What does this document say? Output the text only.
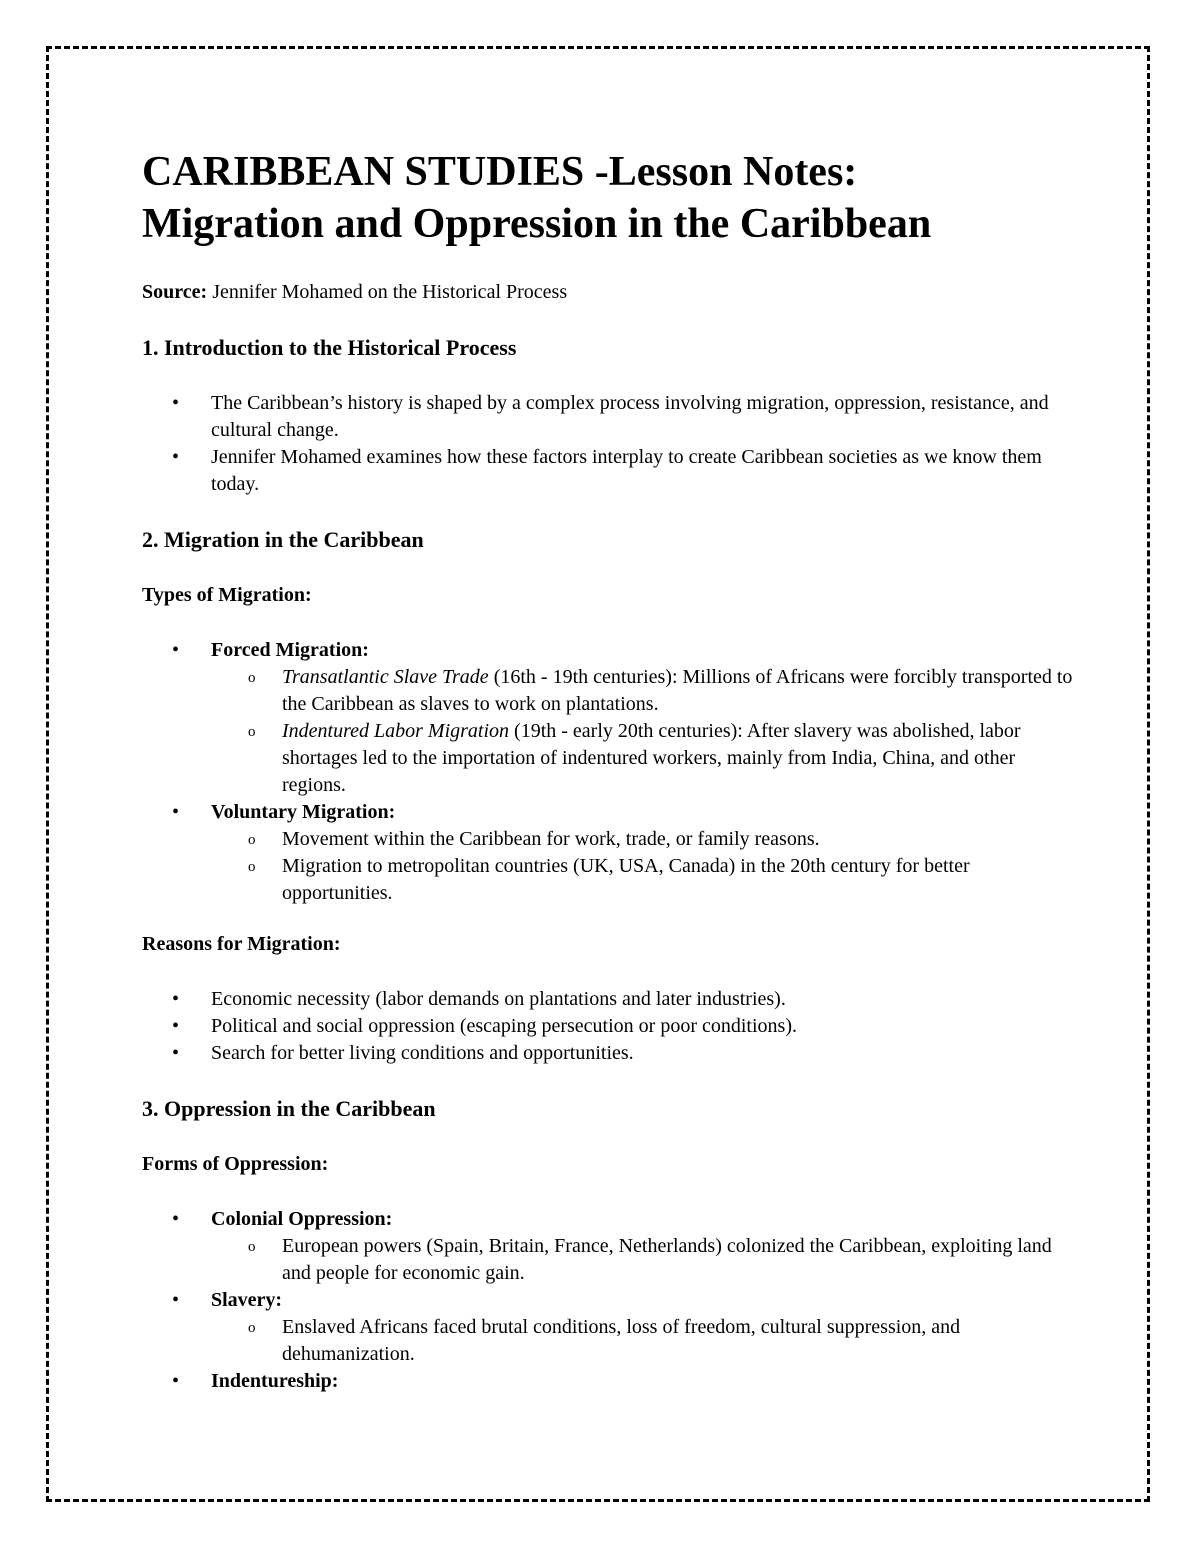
CARIBBEAN STUDIES -Lesson Notes:
Migration and Oppression in the Caribbean
Source: Jennifer Mohamed on the Historical Process
1. Introduction to the Historical Process
• The Caribbean’s history is shaped by a complex process involving migration, oppression, resistance, and cultural change.
• Jennifer Mohamed examines how these factors interplay to create Caribbean societies as we know them today.
2. Migration in the Caribbean
Types of Migration:
• Forced Migration:
o Transatlantic Slave Trade (16th - 19th centuries): Millions of Africans were forcibly transported to the Caribbean as slaves to work on plantations.
o Indentured Labor Migration (19th - early 20th centuries): After slavery was abolished, labor shortages led to the importation of indentured workers, mainly from India, China, and other regions.
• Voluntary Migration:
o Movement within the Caribbean for work, trade, or family reasons.
o Migration to metropolitan countries (UK, USA, Canada) in the 20th century for better opportunities.
Reasons for Migration:
• Economic necessity (labor demands on plantations and later industries).
• Political and social oppression (escaping persecution or poor conditions).
• Search for better living conditions and opportunities.
3. Oppression in the Caribbean
Forms of Oppression:
• Colonial Oppression:
o European powers (Spain, Britain, France, Netherlands) colonized the Caribbean, exploiting land and people for economic gain.
• Slavery:
o Enslaved Africans faced brutal conditions, loss of freedom, cultural suppression, and dehumanization.
• Indentureship:
